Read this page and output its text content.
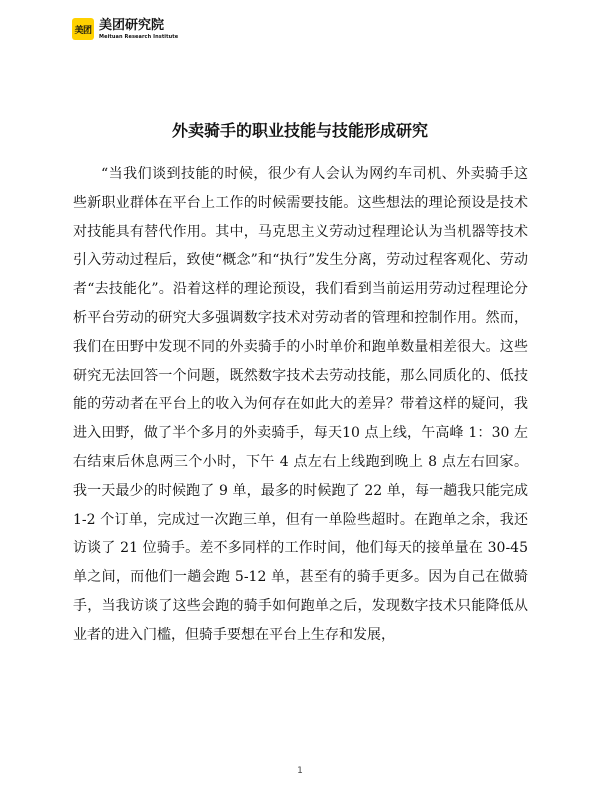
美团 美团研究院
Meituan Research Institute
外卖骑手的职业技能与技能形成研究

“当我们谈到技能的时候，很少有人会认为网约车司机、外卖骑手这些新职业群体在平台上工作的时候需要技能。这些想法的理论预设是技术对技能具有替代作用。其中，马克思主义劳动过程理论认为当机器等技术引入劳动过程后，致使“概念”和“执行”发生分离，劳动过程客观化、劳动者“去技能化”。沿着这样的理论预设，我们看到当前运用劳动过程理论分析平台劳动的研究大多强调数字技术对劳动者的管理和控制作用。然而，我们在田野中发现不同的外卖骑手的小时单价和跑单数量相差很大。这些研究无法回答一个问题，既然数字技术去劳动技能，那么同质化的、低技能的劳动者在平台上的收入为何存在如此大的差异？带着这样的疑问，我进入田野，做了半个多月的外卖骑手，每天10 点上线，午高峰 1：30 左右结束后休息两三个小时，下午 4 点左右上线跑到晚上 8 点左右回家。我一天最少的时候跑了 9 单，最多的时候跑了 22 单，每一趟我只能完成 1-2 个订单，完成过一次跑三单，但有一单险些超时。在跑单之余，我还访谈了 21 位骑手。差不多同样的工作时间，他们每天的接单量在 30-45 单之间，而他们一趟会跑 5-12 单，甚至有的骑手更多。因为自己在做骑手，当我访谈了这些会跑的骑手如何跑单之后，发现数字技术只能降低从业者的进入门槛，但骑手要想在平台上生存和发展，

1
